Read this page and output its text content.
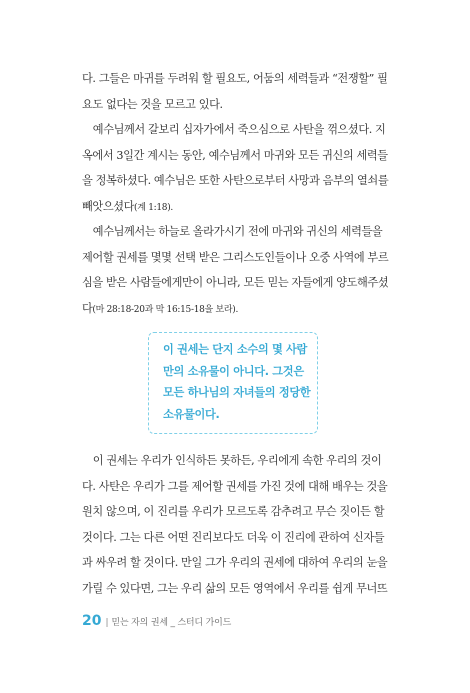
다. 그들은 마귀를 두려워 할 필요도, 어둠의 세력들과 “전쟁할” 필
요도 없다는 것을 모르고 있다.

　예수님께서 갈보리 십자가에서 죽으심으로 사탄을 꺾으셨다. 지
옥에서 3일간 계시는 동안, 예수님께서 마귀와 모든 귀신의 세력들
을 정복하셨다. 예수님은 또한 사탄으로부터 사망과 음부의 열쇠를
빼앗으셨다(계 1:18).

　예수님께서는 하늘로 올라가시기 전에 마귀와 귀신의 세력들을
제어할 권세를 몇몇 선택 받은 그리스도인들이나 오중 사역에 부르
심을 받은 사람들에게만이 아니라, 모든 믿는 자들에게 양도해주셨
다(마 28:18-20과 막 16:15-18을 보라).

이 권세는 단지 소수의 몇 사람
만의 소유물이 아니다. 그것은
모든 하나님의 자녀들의 정당한
소유물이다.

　이 권세는 우리가 인식하든 못하든, 우리에게 속한 우리의 것이
다. 사탄은 우리가 그를 제어할 권세를 가진 것에 대해 배우는 것을
원치 않으며, 이 진리를 우리가 모르도록 감추려고 무슨 짓이든 할
것이다. 그는 다른 어떤 진리보다도 더욱 이 진리에 관하여 신자들
과 싸우려 할 것이다. 만일 그가 우리의 권세에 대하여 우리의 눈을
가릴 수 있다면, 그는 우리 삶의 모든 영역에서 우리를 쉽게 무너뜨

20 | 믿는 자의 권세 _ 스터디 가이드
